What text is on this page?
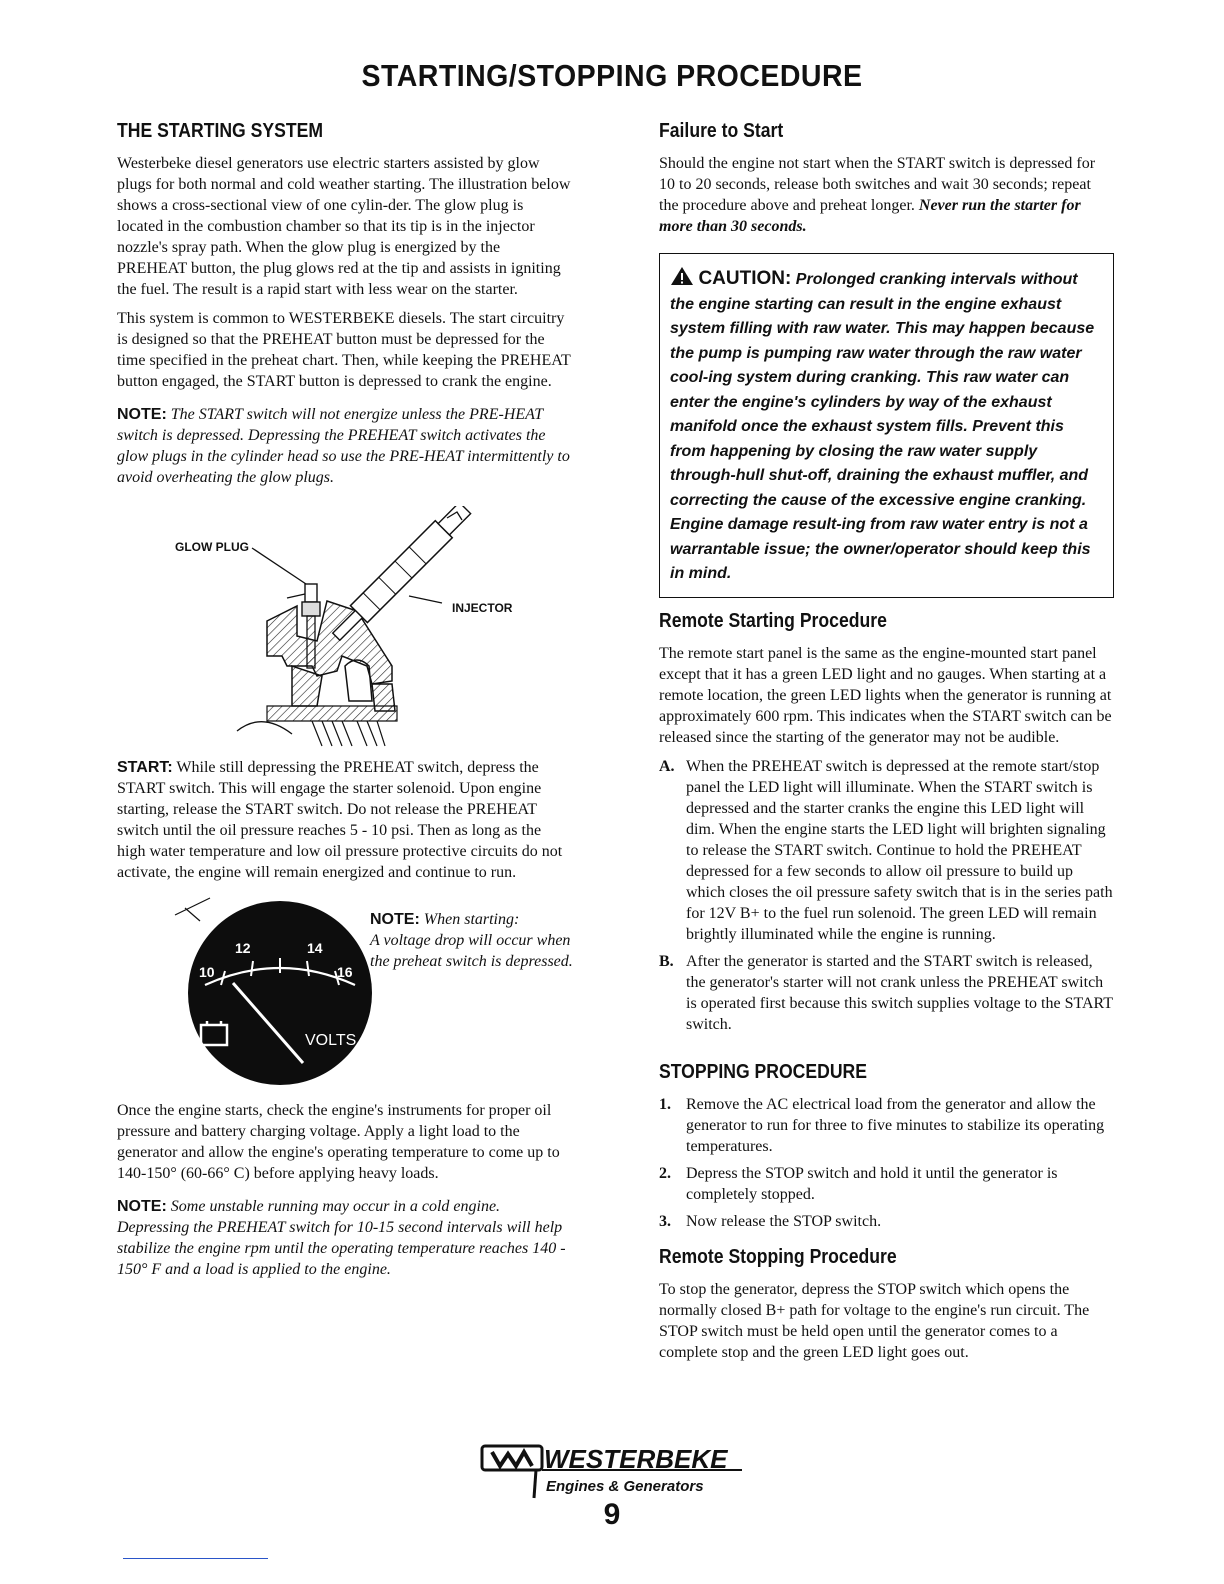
STARTING/STOPPING PROCEDURE
THE STARTING SYSTEM

Westerbeke diesel generators use electric starters assisted by glow plugs for both normal and cold weather starting. The illustration below shows a cross-sectional view of one cylin-der. The glow plug is located in the combustion chamber so that its tip is in the injector nozzle's spray path. When the glow plug is energized by the PREHEAT button, the plug glows red at the tip and assists in igniting the fuel. The result is a rapid start with less wear on the starter.

This system is common to WESTERBEKE diesels. The start circuitry is designed so that the PREHEAT button must be depressed for the time specified in the preheat chart. Then, while keeping the PREHEAT button engaged, the START button is depressed to crank the engine.

NOTE: The START switch will not energize unless the PRE-HEAT switch is depressed. Depressing the PREHEAT switch activates the glow plugs in the cylinder head so use the PRE-HEAT intermittently to avoid overheating the glow plugs.

GLOW PLUG
INJECTOR

START: While still depressing the PREHEAT switch, depress the START switch. This will engage the starter solenoid. Upon engine starting, release the START switch. Do not release the PREHEAT switch until the oil pressure reaches 5 - 10 psi. Then as long as the high water temperature and low oil pressure protective circuits do not activate, the engine will remain energized and continue to run.

10
12	14
16
VOLTS
NOTE: When starting:
A voltage drop will occur when the preheat switch is depressed.

Once the engine starts, check the engine's instruments for proper oil pressure and battery charging voltage. Apply a light load to the generator and allow the engine's operating temperature to come up to 140-150° (60-66° C) before applying heavy loads.

NOTE: Some unstable running may occur in a cold engine. Depressing the PREHEAT switch for 10-15 second intervals will help stabilize the engine rpm until the operating temperature reaches 140 - 150° F and a load is applied to the engine.

Failure to Start

Should the engine not start when the START switch is depressed for 10 to 20 seconds, release both switches and wait 30 seconds; repeat the procedure above and preheat longer. Never run the starter for more than 30 seconds.

CAUTION: Prolonged cranking intervals without the engine starting can result in the engine exhaust system filling with raw water. This may happen because the pump is pumping raw water through the raw water cool-ing system during cranking. This raw water can enter the engine's cylinders by way of the exhaust manifold once the exhaust system fills. Prevent this from happening by closing the raw water supply through-hull shut-off, draining the exhaust muffler, and correcting the cause of the excessive engine cranking. Engine damage result-ing from raw water entry is not a warrantable issue; the owner/operator should keep this in mind.
Remote Starting Procedure

The remote start panel is the same as the engine-mounted start panel except that it has a green LED light and no gauges. When starting at a remote location, the green LED lights when the generator is running at approximately 600 rpm. This indicates when the START switch can be released since the starting of the generator may not be audible.

A. When the PREHEAT switch is depressed at the remote start/stop panel the LED light will illuminate. When the START switch is depressed and the starter cranks the engine this LED light will dim. When the engine starts the LED light will brighten signaling to release the START switch. Continue to hold the PREHEAT depressed for a few seconds to allow oil pressure to build up which closes the oil pressure safety switch that is in the series path for 12V B+ to the fuel run solenoid. The green LED will remain brightly illuminated while the engine is running.
B. After the generator is started and the START switch is released, the generator's starter will not crank unless the PREHEAT switch is operated first because this switch supplies voltage to the START switch.
STOPPING PROCEDURE
1. Remove the AC electrical load from the generator and allow the generator to run for three to five minutes to stabilize its operating temperatures.
2. Depress the STOP switch and hold it until the generator is completely stopped.
3. Now release the STOP switch.
Remote Stopping Procedure

To stop the generator, depress the STOP switch which opens the normally closed B+ path for voltage to the engine's run circuit. The STOP switch must be held open until the generator comes to a complete stop and the green LED light goes out.

WESTERBEKE
Engines & Generators
9
